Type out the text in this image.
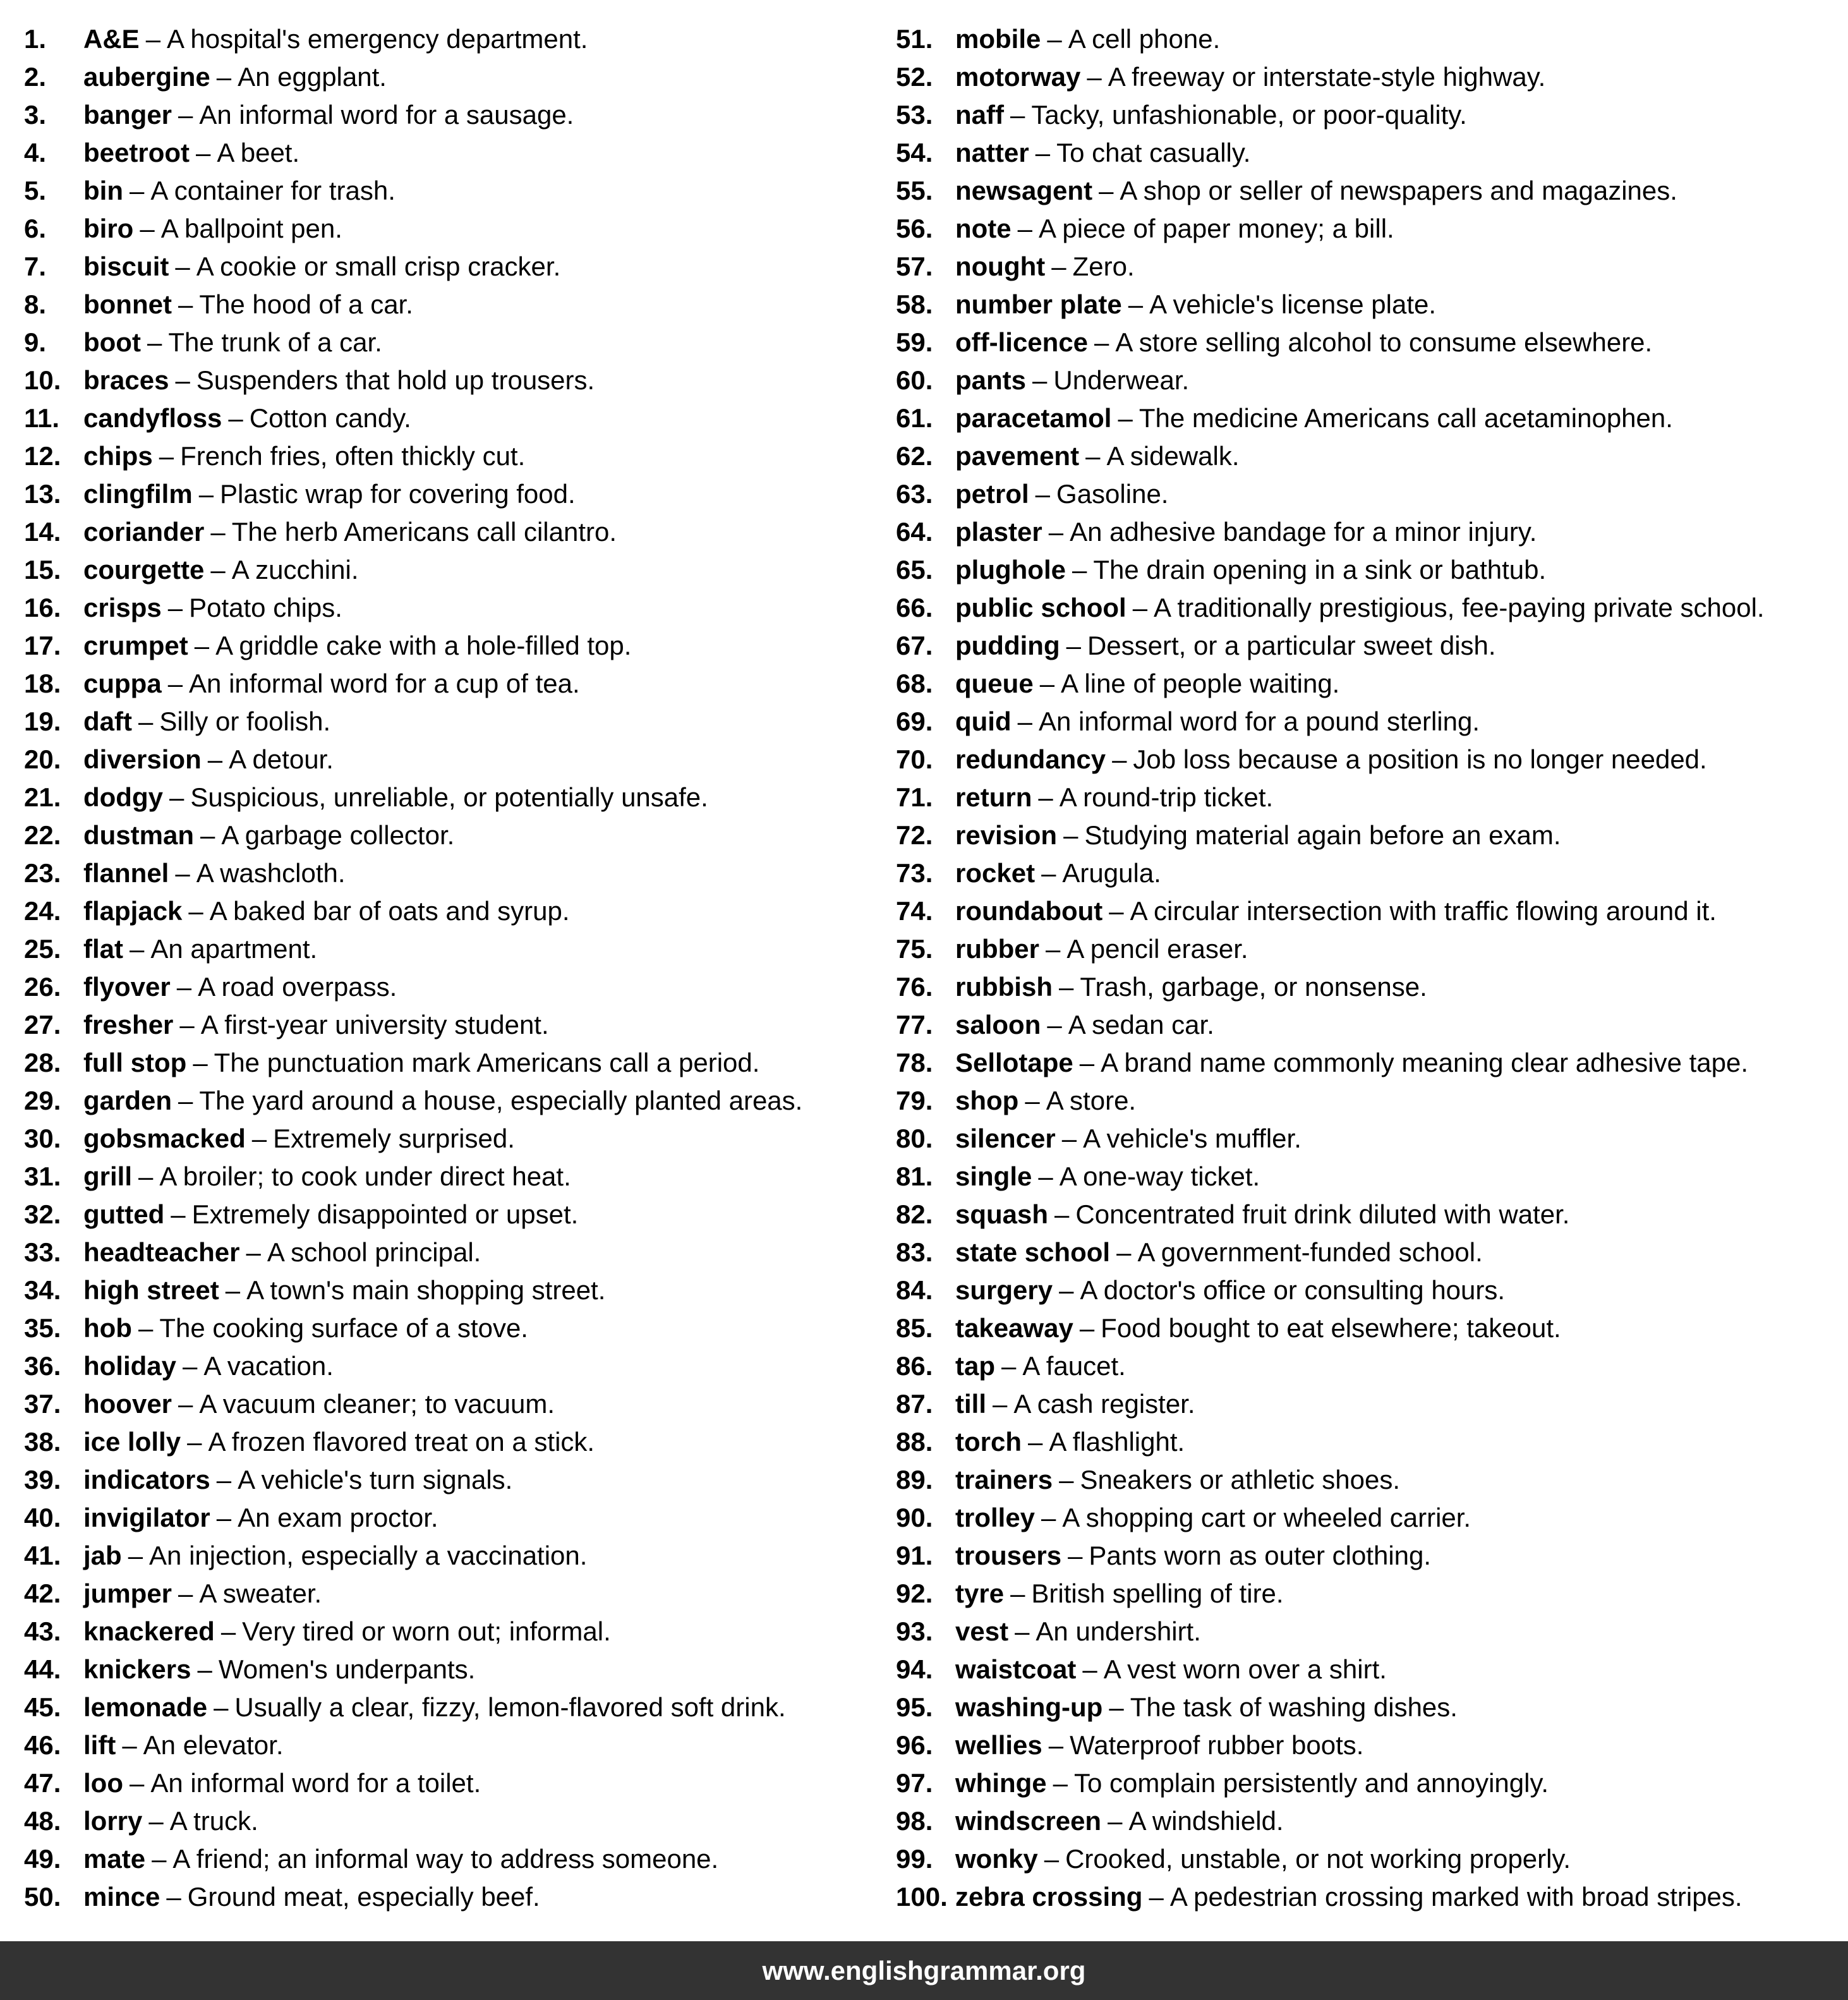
1.	A&E – A hospital's emergency department.
2.	aubergine – An eggplant.
3.	banger – An informal word for a sausage.
4.	beetroot – A beet.
5.	bin – A container for trash.
6.	biro – A ballpoint pen.
7.	biscuit – A cookie or small crisp cracker.
8.	bonnet – The hood of a car.
9.	boot – The trunk of a car.
10. braces – Suspenders that hold up trousers.
11. candyfloss – Cotton candy.
12. chips – French fries, often thickly cut.
13. clingfilm – Plastic wrap for covering food.
14. coriander – The herb Americans call cilantro.
15. courgette – A zucchini.
16. crisps – Potato chips.
17. crumpet – A griddle cake with a hole-filled top.
18. cuppa – An informal word for a cup of tea.
19. daft – Silly or foolish.
20. diversion – A detour.
21. dodgy – Suspicious, unreliable, or potentially unsafe.
22. dustman – A garbage collector.
23. flannel – A washcloth.
24. flapjack – A baked bar of oats and syrup.
25. flat – An apartment.
26. flyover – A road overpass.
27. fresher – A first-year university student.
28. full stop – The punctuation mark Americans call a period.
29. garden – The yard around a house, especially planted areas.
30. gobsmacked – Extremely surprised.
31. grill – A broiler; to cook under direct heat.
32. gutted – Extremely disappointed or upset.
33. headteacher – A school principal.
34. high street – A town's main shopping street.
35. hob – The cooking surface of a stove.
36. holiday – A vacation.
37. hoover – A vacuum cleaner; to vacuum.
38. ice lolly – A frozen flavored treat on a stick.
39. indicators – A vehicle's turn signals.
40. invigilator – An exam proctor.
41. jab – An injection, especially a vaccination.
42. jumper – A sweater.
43. knackered – Very tired or worn out; informal.
44. knickers – Women's underpants.
45. lemonade – Usually a clear, fizzy, lemon-flavored soft drink.
46. lift – An elevator.
47. loo – An informal word for a toilet.
48. lorry – A truck.
49. mate – A friend; an informal way to address someone.
50. mince – Ground meat, especially beef.
51. mobile – A cell phone.
52. motorway – A freeway or interstate-style highway.
53. naff – Tacky, unfashionable, or poor-quality.
54. natter – To chat casually.
55. newsagent – A shop or seller of newspapers and magazines.
56. note – A piece of paper money; a bill.
57. nought – Zero.
58. number plate – A vehicle's license plate.
59. off-licence – A store selling alcohol to consume elsewhere.
60. pants – Underwear.
61. paracetamol – The medicine Americans call acetaminophen.
62. pavement – A sidewalk.
63. petrol – Gasoline.
64. plaster – An adhesive bandage for a minor injury.
65. plughole – The drain opening in a sink or bathtub.
66. public school – A traditionally prestigious, fee-paying private school.
67. pudding – Dessert, or a particular sweet dish.
68. queue – A line of people waiting.
69. quid – An informal word for a pound sterling.
70. redundancy – Job loss because a position is no longer needed.
71. return – A round-trip ticket.
72. revision – Studying material again before an exam.
73. rocket – Arugula.
74. roundabout – A circular intersection with traffic flowing around it.
75. rubber – A pencil eraser.
76. rubbish – Trash, garbage, or nonsense.
77. saloon – A sedan car.
78. Sellotape – A brand name commonly meaning clear adhesive tape.
79. shop – A store.
80. silencer – A vehicle's muffler.
81. single – A one-way ticket.
82. squash – Concentrated fruit drink diluted with water.
83. state school – A government-funded school.
84. surgery – A doctor's office or consulting hours.
85. takeaway – Food bought to eat elsewhere; takeout.
86. tap – A faucet.
87. till – A cash register.
88. torch – A flashlight.
89. trainers – Sneakers or athletic shoes.
90. trolley – A shopping cart or wheeled carrier.
91. trousers – Pants worn as outer clothing.
92. tyre – British spelling of tire.
93. vest – An undershirt.
94. waistcoat – A vest worn over a shirt.
95. washing-up – The task of washing dishes.
96. wellies – Waterproof rubber boots.
97. whinge – To complain persistently and annoyingly.
98. windscreen – A windshield.
99. wonky – Crooked, unstable, or not working properly.
100. zebra crossing – A pedestrian crossing marked with broad stripes.
www.englishgrammar.org
